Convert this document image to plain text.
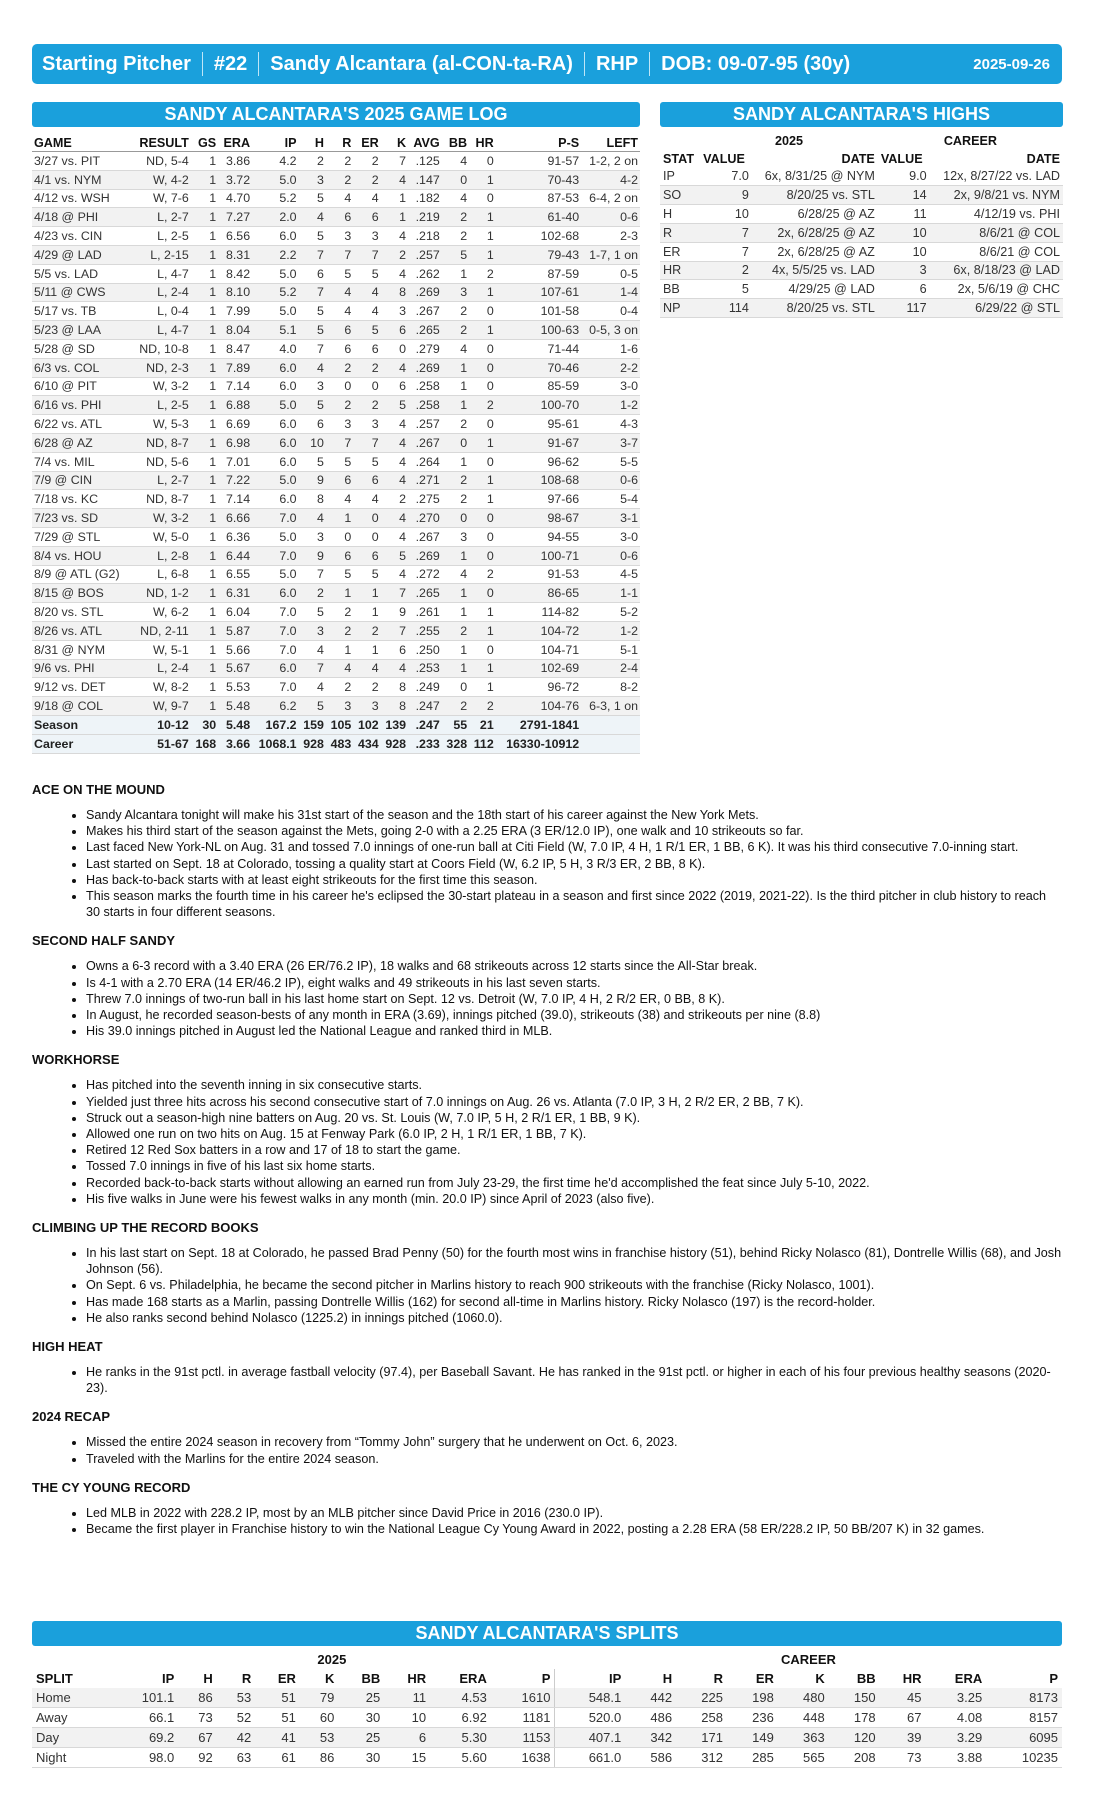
Starting Pitcher	#22	Sandy Alcantara (al-CON-ta-RA)	RHP	DOB: 09-07-95 (30y)	2025-09-26
SANDY ALCANTARA'S 2025 GAME LOG
GAME	RESULT	GS	ERA	IP	H	R	ER	K	AVG	BB	HR	P-S	LEFT
3/27 vs. PIT	ND, 5-4	1	3.86	4.2	2	2	2	7	.125	4	0	91-57	1-2, 2 on
4/1 vs. NYM	W, 4-2	1	3.72	5.0	3	2	2	4	.147	0	1	70-43	4-2
4/12 vs. WSH	W, 7-6	1	4.70	5.2	5	4	4	1	.182	4	0	87-53	6-4, 2 on
4/18 @ PHI	L, 2-7	1	7.27	2.0	4	6	6	1	.219	2	1	61-40	0-6
4/23 vs. CIN	L, 2-5	1	6.56	6.0	5	3	3	4	.218	2	1	102-68	2-3
4/29 @ LAD	L, 2-15	1	8.31	2.2	7	7	7	2	.257	5	1	79-43	1-7, 1 on
5/5 vs. LAD	L, 4-7	1	8.42	5.0	6	5	5	4	.262	1	2	87-59	0-5
5/11 @ CWS	L, 2-4	1	8.10	5.2	7	4	4	8	.269	3	1	107-61	1-4
5/17 vs. TB	L, 0-4	1	7.99	5.0	5	4	4	3	.267	2	0	101-58	0-4
5/23 @ LAA	L, 4-7	1	8.04	5.1	5	6	5	6	.265	2	1	100-63	0-5, 3 on
5/28 @ SD	ND, 10-8	1	8.47	4.0	7	6	6	0	.279	4	0	71-44	1-6
6/3 vs. COL	ND, 2-3	1	7.89	6.0	4	2	2	4	.269	1	0	70-46	2-2
6/10 @ PIT	W, 3-2	1	7.14	6.0	3	0	0	6	.258	1	0	85-59	3-0
6/16 vs. PHI	L, 2-5	1	6.88	5.0	5	2	2	5	.258	1	2	100-70	1-2
6/22 vs. ATL	W, 5-3	1	6.69	6.0	6	3	3	4	.257	2	0	95-61	4-3
6/28 @ AZ	ND, 8-7	1	6.98	6.0	10	7	7	4	.267	0	1	91-67	3-7
7/4 vs. MIL	ND, 5-6	1	7.01	6.0	5	5	5	4	.264	1	0	96-62	5-5
7/9 @ CIN	L, 2-7	1	7.22	5.0	9	6	6	4	.271	2	1	108-68	0-6
7/18 vs. KC	ND, 8-7	1	7.14	6.0	8	4	4	2	.275	2	1	97-66	5-4
7/23 vs. SD	W, 3-2	1	6.66	7.0	4	1	0	4	.270	0	0	98-67	3-1
7/29 @ STL	W, 5-0	1	6.36	5.0	3	0	0	4	.267	3	0	94-55	3-0
8/4 vs. HOU	L, 2-8	1	6.44	7.0	9	6	6	5	.269	1	0	100-71	0-6
8/9 @ ATL (G2)	L, 6-8	1	6.55	5.0	7	5	5	4	.272	4	2	91-53	4-5
8/15 @ BOS	ND, 1-2	1	6.31	6.0	2	1	1	7	.265	1	0	86-65	1-1
8/20 vs. STL	W, 6-2	1	6.04	7.0	5	2	1	9	.261	1	1	114-82	5-2
8/26 vs. ATL	ND, 2-11	1	5.87	7.0	3	2	2	7	.255	2	1	104-72	1-2
8/31 @ NYM	W, 5-1	1	5.66	7.0	4	1	1	6	.250	1	0	104-71	5-1
9/6 vs. PHI	L, 2-4	1	5.67	6.0	7	4	4	4	.253	1	1	102-69	2-4
9/12 vs. DET	W, 8-2	1	5.53	7.0	4	2	2	8	.249	0	1	96-72	8-2
9/18 @ COL	W, 9-7	1	5.48	6.2	5	3	3	8	.247	2	2	104-76	6-3, 1 on
Season	10-12	30	5.48	167.2	159	105	102	139	.247	55	21	2791-1841	
Career	51-67	168	3.66	1068.1	928	483	434	928	.233	328	112	16330-10912	
SANDY ALCANTARA'S HIGHS
	2025		CAREER	
STAT	VALUE	DATE	VALUE	DATE
IP	7.0	6x, 8/31/25 @ NYM	9.0	12x, 8/27/22 vs. LAD
SO	9	8/20/25 vs. STL	14	2x, 9/8/21 vs. NYM
H	10	6/28/25 @ AZ	11	4/12/19 vs. PHI
R	7	2x, 6/28/25 @ AZ	10	8/6/21 @ COL
ER	7	2x, 6/28/25 @ AZ	10	8/6/21 @ COL
HR	2	4x, 5/5/25 vs. LAD	3	6x, 8/18/23 @ LAD
BB	5	4/29/25 @ LAD	6	2x, 5/6/19 @ CHC
NP	114	8/20/25 vs. STL	117	6/29/22 @ STL
ACE ON THE MOUND
• Sandy Alcantara tonight will make his 31st start of the season and the 18th start of his career against the New York Mets.
• Makes his third start of the season against the Mets, going 2-0 with a 2.25 ERA (3 ER/12.0 IP), one walk and 10 strikeouts so far.
• Last faced New York-NL on Aug. 31 and tossed 7.0 innings of one-run ball at Citi Field (W, 7.0 IP, 4 H, 1 R/1 ER, 1 BB, 6 K). It was his third consecutive 7.0-inning start.
• Last started on Sept. 18 at Colorado, tossing a quality start at Coors Field (W, 6.2 IP, 5 H, 3 R/3 ER, 2 BB, 8 K).
• Has back-to-back starts with at least eight strikeouts for the first time this season.
• This season marks the fourth time in his career he's eclipsed the 30-start plateau in a season and first since 2022 (2019, 2021-22). Is the third pitcher in club history to reach 30 starts in four different seasons.
SECOND HALF SANDY
• Owns a 6-3 record with a 3.40 ERA (26 ER/76.2 IP), 18 walks and 68 strikeouts across 12 starts since the All-Star break.
• Is 4-1 with a 2.70 ERA (14 ER/46.2 IP), eight walks and 49 strikeouts in his last seven starts.
• Threw 7.0 innings of two-run ball in his last home start on Sept. 12 vs. Detroit (W, 7.0 IP, 4 H, 2 R/2 ER, 0 BB, 8 K).
• In August, he recorded season-bests of any month in ERA (3.69), innings pitched (39.0), strikeouts (38) and strikeouts per nine (8.8)
• His 39.0 innings pitched in August led the National League and ranked third in MLB.
WORKHORSE
• Has pitched into the seventh inning in six consecutive starts.
• Yielded just three hits across his second consecutive start of 7.0 innings on Aug. 26 vs. Atlanta (7.0 IP, 3 H, 2 R/2 ER, 2 BB, 7 K).
• Struck out a season-high nine batters on Aug. 20 vs. St. Louis (W, 7.0 IP, 5 H, 2 R/1 ER, 1 BB, 9 K).
• Allowed one run on two hits on Aug. 15 at Fenway Park (6.0 IP, 2 H, 1 R/1 ER, 1 BB, 7 K).
• Retired 12 Red Sox batters in a row and 17 of 18 to start the game.
• Tossed 7.0 innings in five of his last six home starts.
• Recorded back-to-back starts without allowing an earned run from July 23-29, the first time he'd accomplished the feat since July 5-10, 2022.
• His five walks in June were his fewest walks in any month (min. 20.0 IP) since April of 2023 (also five).
CLIMBING UP THE RECORD BOOKS
• In his last start on Sept. 18 at Colorado, he passed Brad Penny (50) for the fourth most wins in franchise history (51), behind Ricky Nolasco (81), Dontrelle Willis (68), and Josh Johnson (56).
• On Sept. 6 vs. Philadelphia, he became the second pitcher in Marlins history to reach 900 strikeouts with the franchise (Ricky Nolasco, 1001).
• Has made 168 starts as a Marlin, passing Dontrelle Willis (162) for second all-time in Marlins history. Ricky Nolasco (197) is the record-holder.
• He also ranks second behind Nolasco (1225.2) in innings pitched (1060.0).
HIGH HEAT
• He ranks in the 91st pctl. in average fastball velocity (97.4), per Baseball Savant. He has ranked in the 91st pctl. or higher in each of his four previous healthy seasons (2020-23).
2024 RECAP
• Missed the entire 2024 season in recovery from “Tommy John” surgery that he underwent on Oct. 6, 2023.
• Traveled with the Marlins for the entire 2024 season.
THE CY YOUNG RECORD
• Led MLB in 2022 with 228.2 IP, most by an MLB pitcher since David Price in 2016 (230.0 IP).
• Became the first player in Franchise history to win the National League Cy Young Award in 2022, posting a 2.28 ERA (58 ER/228.2 IP, 50 BB/207 K) in 32 games.
SANDY ALCANTARA'S SPLITS
	2025									CAREER								
SPLIT	IP	H	R	ER	K	BB	HR	ERA	P	IP	H	R	ER	K	BB	HR	ERA	P
Home	101.1	86	53	51	79	25	11	4.53	1610	548.1	442	225	198	480	150	45	3.25	8173
Away	66.1	73	52	51	60	30	10	6.92	1181	520.0	486	258	236	448	178	67	4.08	8157
Day	69.2	67	42	41	53	25	6	5.30	1153	407.1	342	171	149	363	120	39	3.29	6095
Night	98.0	92	63	61	86	30	15	5.60	1638	661.0	586	312	285	565	208	73	3.88	10235
